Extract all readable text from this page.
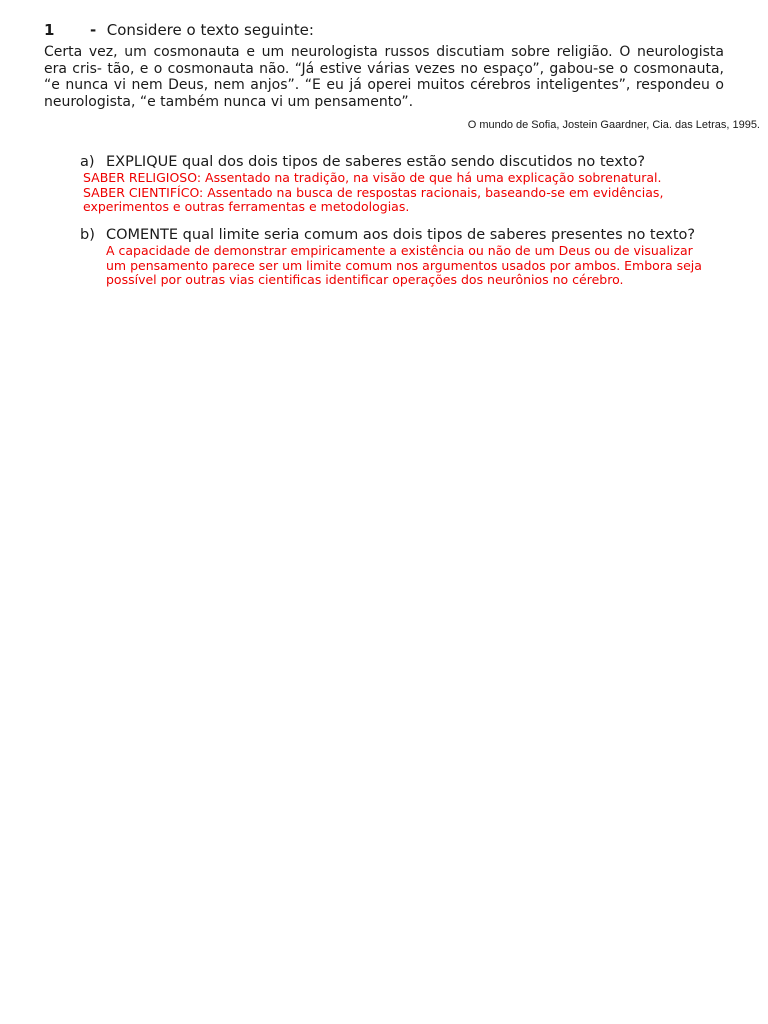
1 - Considere o texto seguinte:

Certa vez, um cosmonauta e um neurologista russos discutiam sobre religião. O neurologista era cris- tão, e o cosmonauta não. “Já estive várias vezes no espaço”, gabou-se o cosmonauta, “e nunca vi nem Deus, nem anjos”. “E eu já operei muitos cérebros inteligentes”, respondeu o neurologista, “e também nunca vi um pensamento”.

O mundo de Sofia, Jostein Gaardner, Cia. das Letras, 1995.
a) EXPLIQUE qual dos dois tipos de saberes estão sendo discutidos no texto?
SABER RELIGIOSO: Assentado na tradição, na visão de que há uma explicação sobrenatural.
SABER CIENTIFÍCO: Assentado na busca de respostas racionais, baseando-se em evidências, experimentos e outras ferramentas e metodologias.
b) COMENTE qual limite seria comum aos dois tipos de saberes presentes no texto?
A capacidade de demonstrar empiricamente a existência ou não de um Deus ou de visualizar um pensamento parece ser um limite comum nos argumentos usados por ambos. Embora seja possível por outras vias cientificas identificar operações dos neurônios no cérebro.
